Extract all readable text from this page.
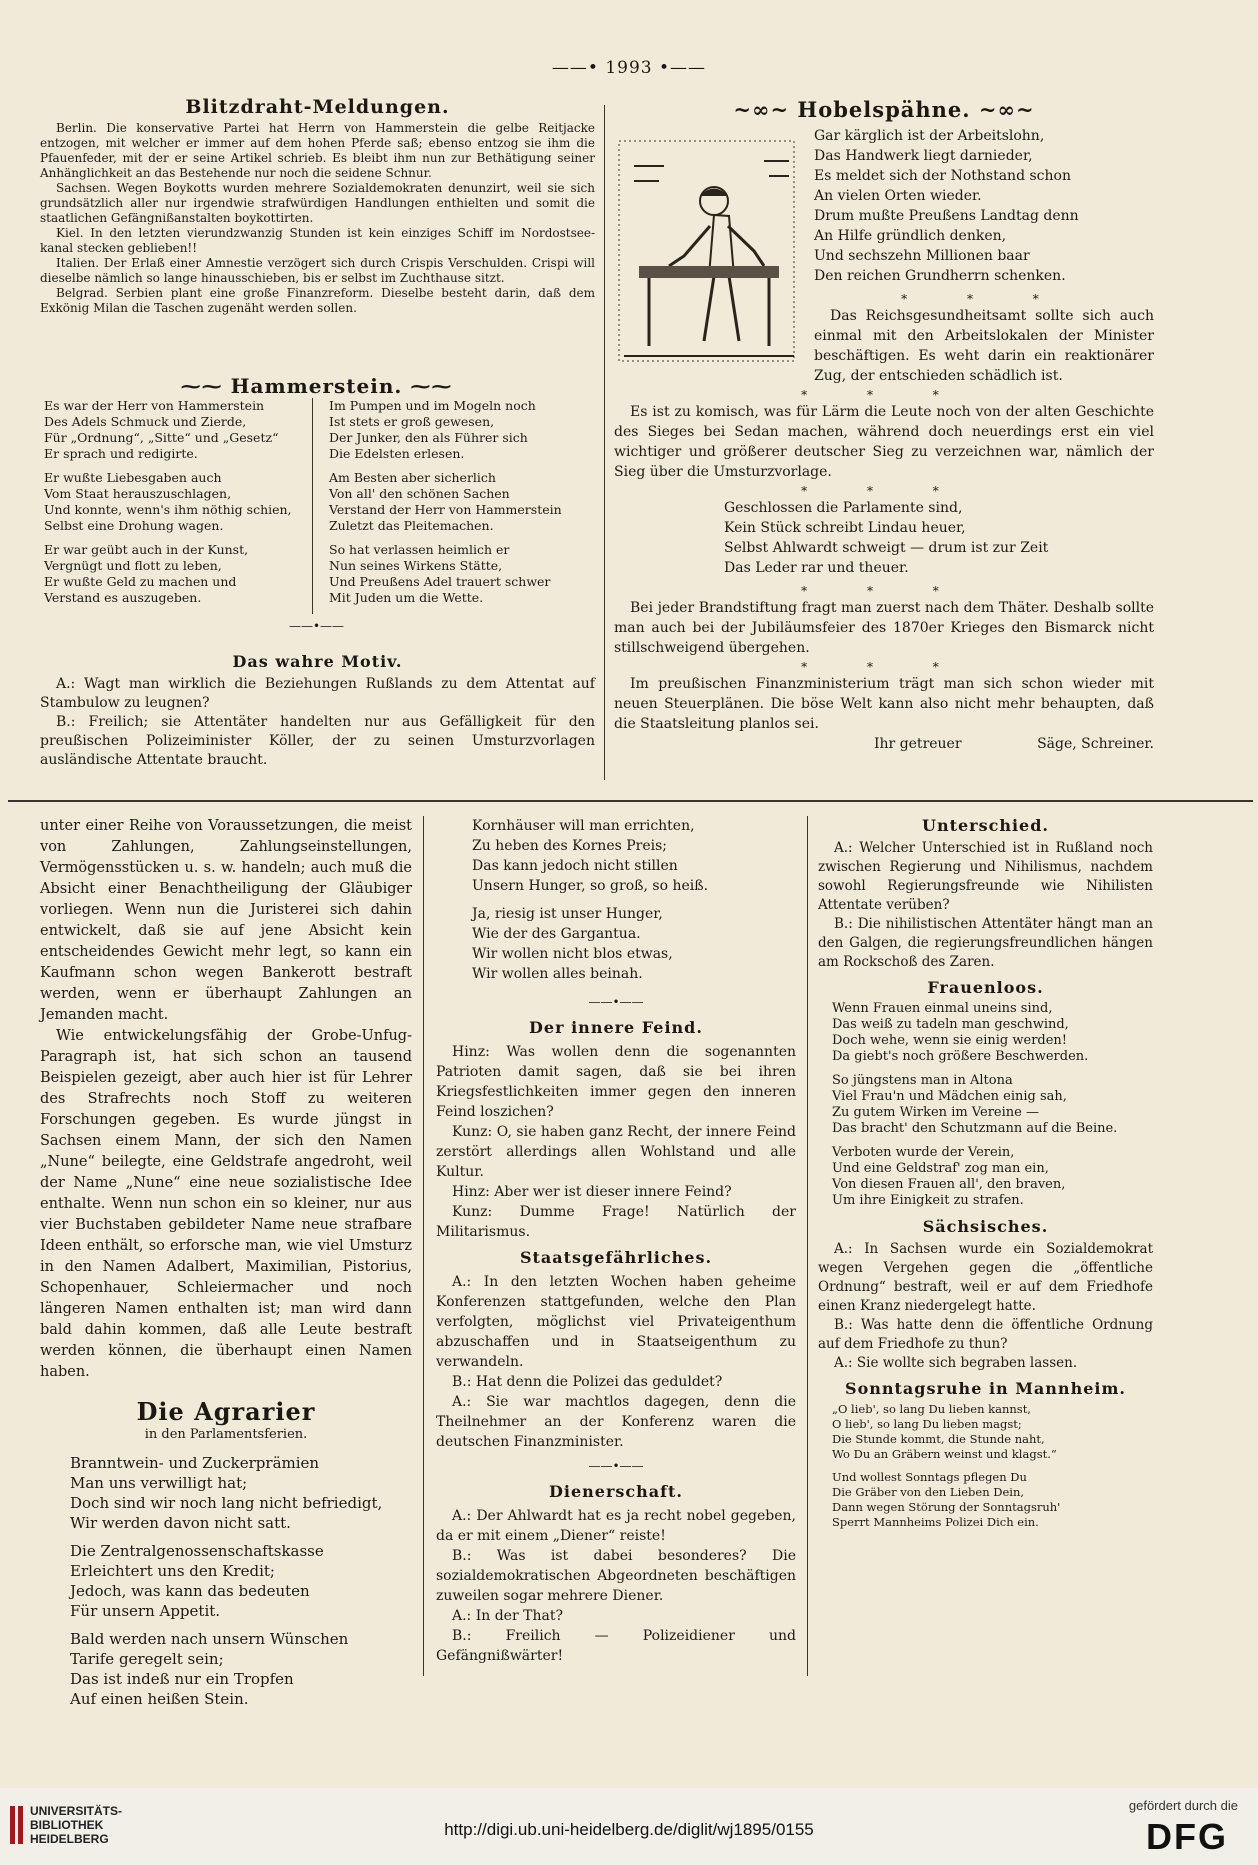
——• 1993 •——
Blitzdraht-Meldungen.

Berlin. Die konservative Partei hat Herrn von Hammerstein die gelbe Reitjacke entzogen, mit welcher er immer auf dem hohen Pferde saß; ebenso entzog sie ihm die Pfauenfeder, mit der er seine Artikel schrieb. Es bleibt ihm nun zur Bethätigung seiner Anhänglichkeit an das Bestehende nur noch die seidene Schnur.

Sachsen. Wegen Boykotts wurden mehrere Sozialdemokraten denunzirt, weil sie sich grundsätzlich aller nur irgendwie strafwürdigen Handlungen enthielten und somit die staatlichen Gefängnißanstalten boykottirten.

Kiel. In den letzten vierundzwanzig Stunden ist kein einziges Schiff im Nordostsee-kanal stecken geblieben!!

Italien. Der Erlaß einer Amnestie verzögert sich durch Crispis Verschulden. Crispi will dieselbe nämlich so lange hinausschieben, bis er selbst im Zuchthause sitzt.

Belgrad. Serbien plant eine große Finanzreform. Dieselbe besteht darin, daß dem Exkönig Milan die Taschen zugenäht werden sollen.

⁓⁓ Hammerstein. ⁓⁓
Es war der Herr von Hammerstein
Des Adels Schmuck und Zierde,
Für „Ordnung“, „Sitte“ und „Gesetz“
Er sprach und redigirte.
Er wußte Liebesgaben auch
Vom Staat herauszuschlagen,
Und konnte, wenn's ihm nöthig schien,
Selbst eine Drohung wagen.
Er war geübt auch in der Kunst,
Vergnügt und flott zu leben,
Er wußte Geld zu machen und
Verstand es auszugeben.
Im Pumpen und im Mogeln noch
Ist stets er groß gewesen,
Der Junker, den als Führer sich
Die Edelsten erlesen.
Am Besten aber sicherlich
Von all' den schönen Sachen
Verstand der Herr von Hammerstein
Zuletzt das Pleitemachen.
So hat verlassen heimlich er
Nun seines Wirkens Stätte,
Und Preußens Adel trauert schwer
Mit Juden um die Wette.
——•——
Das wahre Motiv.

A.: Wagt man wirklich die Beziehungen Rußlands zu dem Attentat auf Stambulow zu leugnen?

B.: Freilich; sie Attentäter handelten nur aus Gefälligkeit für den preußischen Polizeiminister Köller, der zu seinen Umsturzvorlagen ausländische Attentate braucht.

~∞~ Hobelspähne. ~∞~
Gar kärglich ist der Arbeitslohn,
Das Handwerk liegt darnieder,
Es meldet sich der Nothstand schon
An vielen Orten wieder.
Drum mußte Preußens Landtag denn
An Hilfe gründlich denken,
Und sechszehn Millionen baar
Den reichen Grundherrn schenken.
* * *

Das Reichsgesundheitsamt sollte sich auch einmal mit den Arbeitslokalen der Minister beschäftigen. Es weht darin ein reaktionärer Zug, der entschieden schädlich ist.

* * *

Es ist zu komisch, was für Lärm die Leute noch von der alten Geschichte des Sieges bei Sedan machen, während doch neuerdings erst ein viel wichtiger und größerer deutscher Sieg zu verzeichnen war, nämlich der Sieg über die Umsturzvorlage.

* * *
Geschlossen die Parlamente sind,
Kein Stück schreibt Lindau heuer,
Selbst Ahlwardt schweigt — drum ist zur Zeit
Das Leder rar und theuer.
* * *

Bei jeder Brandstiftung fragt man zuerst nach dem Thäter. Deshalb sollte man auch bei der Jubiläumsfeier des 1870er Krieges den Bismarck nicht stillschweigend übergehen.

* * *

Im preußischen Finanzministerium trägt man sich schon wieder mit neuen Steuerplänen. Die böse Welt kann also nicht mehr behaupten, daß die Staatsleitung planlos sei.

Ihr getreuer	Säge, Schreiner.

unter einer Reihe von Voraussetzungen, die meist von Zahlungen, Zahlungseinstellungen, Vermögensstücken u. s. w. handeln; auch muß die Absicht einer Benachtheiligung der Gläubiger vorliegen. Wenn nun die Juristerei sich dahin entwickelt, daß sie auf jene Absicht kein entscheidendes Gewicht mehr legt, so kann ein Kaufmann schon wegen Bankerott bestraft werden, wenn er überhaupt Zahlungen an Jemanden macht.

Wie entwickelungsfähig der Grobe-Unfug-Paragraph ist, hat sich schon an tausend Beispielen gezeigt, aber auch hier ist für Lehrer des Strafrechts noch Stoff zu weiteren Forschungen gegeben. Es wurde jüngst in Sachsen einem Mann, der sich den Namen „Nune“ beilegte, eine Geldstrafe angedroht, weil der Name „Nune“ eine neue sozialistische Idee enthalte. Wenn nun schon ein so kleiner, nur aus vier Buchstaben gebildeter Name neue strafbare Ideen enthält, so erforsche man, wie viel Umsturz in den Namen Adalbert, Maximilian, Pistorius, Schopenhauer, Schleiermacher und noch längeren Namen enthalten ist; man wird dann bald dahin kommen, daß alle Leute bestraft werden können, die überhaupt einen Namen haben.

Die Agrarier
in den Parlamentsferien.
Branntwein- und Zuckerprämien
Man uns verwilligt hat;
Doch sind wir noch lang nicht befriedigt,
Wir werden davon nicht satt.
Die Zentralgenossenschaftskasse
Erleichtert uns den Kredit;
Jedoch, was kann das bedeuten
Für unsern Appetit.
Bald werden nach unsern Wünschen
Tarife geregelt sein;
Das ist indeß nur ein Tropfen
Auf einen heißen Stein.
Kornhäuser will man errichten,
Zu heben des Kornes Preis;
Das kann jedoch nicht stillen
Unsern Hunger, so groß, so heiß.
Ja, riesig ist unser Hunger,
Wie der des Gargantua.
Wir wollen nicht blos etwas,
Wir wollen alles beinah.
——•——
Der innere Feind.

Hinz: Was wollen denn die sogenannten Patrioten damit sagen, daß sie bei ihren Kriegsfestlichkeiten immer gegen den inneren Feind loszichen?

Kunz: O, sie haben ganz Recht, der innere Feind zerstört allerdings allen Wohlstand und alle Kultur.

Hinz: Aber wer ist dieser innere Feind?

Kunz: Dumme Frage! Natürlich der Militarismus.

Staatsgefährliches.

A.: In den letzten Wochen haben geheime Konferenzen stattgefunden, welche den Plan verfolgten, möglichst viel Privateigenthum abzuschaffen und in Staatseigenthum zu verwandeln.

B.: Hat denn die Polizei das geduldet?

A.: Sie war machtlos dagegen, denn die Theilnehmer an der Konferenz waren die deutschen Finanzminister.

——•——
Dienerschaft.

A.: Der Ahlwardt hat es ja recht nobel gegeben, da er mit einem „Diener“ reiste!

B.: Was ist dabei besonderes? Die sozialdemokratischen Abgeordneten beschäftigen zuweilen sogar mehrere Diener.

A.: In der That?

B.: Freilich — Polizeidiener und Gefängnißwärter!

Unterschied.

A.: Welcher Unterschied ist in Rußland noch zwischen Regierung und Nihilismus, nachdem sowohl Regierungsfreunde wie Nihilisten Attentate verüben?

B.: Die nihilistischen Attentäter hängt man an den Galgen, die regierungsfreundlichen hängen am Rockschoß des Zaren.

Frauenloos.
Wenn Frauen einmal uneins sind,
Das weiß zu tadeln man geschwind,
Doch wehe, wenn sie einig werden!
Da giebt's noch größere Beschwerden.
So jüngstens man in Altona
Viel Frau'n und Mädchen einig sah,
Zu gutem Wirken im Vereine —
Das bracht' den Schutzmann auf die Beine.
Verboten wurde der Verein,
Und eine Geldstraf' zog man ein,
Von diesen Frauen all', den braven,
Um ihre Einigkeit zu strafen.
Sächsisches.

A.: In Sachsen wurde ein Sozialdemokrat wegen Vergehen gegen die „öffentliche Ordnung“ bestraft, weil er auf dem Friedhofe einen Kranz niedergelegt hatte.

B.: Was hatte denn die öffentliche Ordnung auf dem Friedhofe zu thun?

A.: Sie wollte sich begraben lassen.

Sonntagsruhe in Mannheim.
„O lieb', so lang Du lieben kannst,
O lieb', so lang Du lieben magst;
Die Stunde kommt, die Stunde naht,
Wo Du an Gräbern weinst und klagst.“
Und wollest Sonntags pflegen Du
Die Gräber von den Lieben Dein,
Dann wegen Störung der Sonntagsruh'
Sperrt Mannheims Polizei Dich ein.
UNIVERSITÄTS-
BIBLIOTHEK
HEIDELBERG	http://digi.ub.uni-heidelberg.de/diglit/wj1895/0155
gefördert durch die
DFG
